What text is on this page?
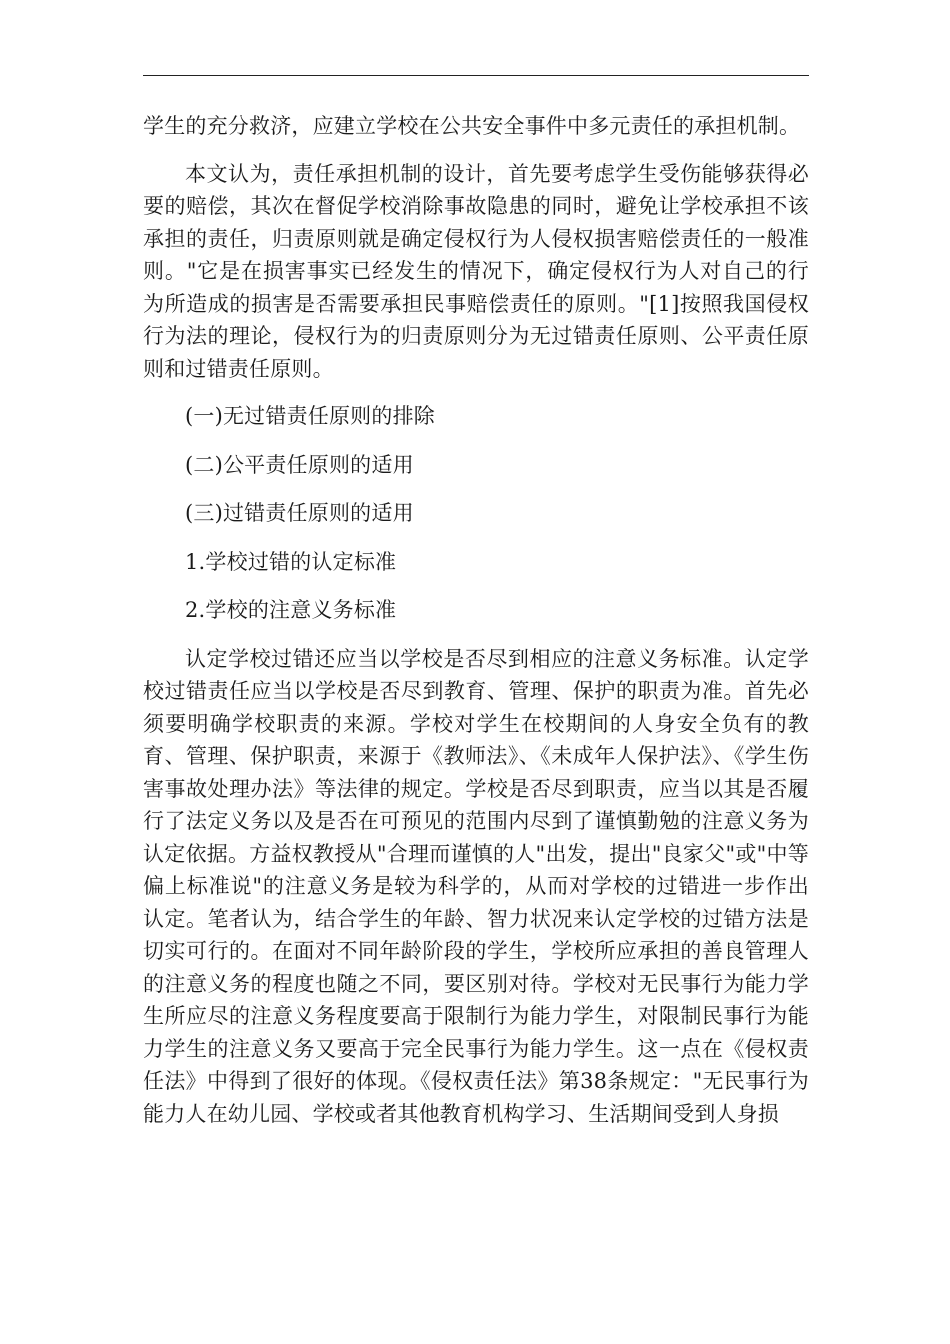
学生的充分救济，应建立学校在公共安全事件中多元责任的承担机制。

本文认为，责任承担机制的设计，首先要考虑学生受伤能够获得必要的赔偿，其次在督促学校消除事故隐患的同时，避免让学校承担不该承担的责任，归责原则就是确定侵权行为人侵权损害赔偿责任的一般准则。"它是在损害事实已经发生的情况下，确定侵权行为人对自己的行为所造成的损害是否需要承担民事赔偿责任的原则。"[1]按照我国侵权行为法的理论，侵权行为的归责原则分为无过错责任原则、公平责任原则和过错责任原则。

(一)无过错责任原则的排除

(二)公平责任原则的适用

(三)过错责任原则的适用

1.学校过错的认定标准

2.学校的注意义务标准

认定学校过错还应当以学校是否尽到相应的注意义务标准。认定学校过错责任应当以学校是否尽到教育、管理、保护的职责为准。首先必须要明确学校职责的来源。学校对学生在校期间的人身安全负有的教育、管理、保护职责，来源于《教师法》、《未成年人保护法》、《学生伤害事故处理办法》等法律的规定。学校是否尽到职责，应当以其是否履行了法定义务以及是否在可预见的范围内尽到了谨慎勤勉的注意义务为认定依据。方益权教授从"合理而谨慎的人"出发，提出"良家父"或"中等偏上标准说"的注意义务是较为科学的，从而对学校的过错进一步作出认定。笔者认为，结合学生的年龄、智力状况来认定学校的过错方法是切实可行的。在面对不同年龄阶段的学生，学校所应承担的善良管理人的注意义务的程度也随之不同，要区别对待。学校对无民事行为能力学生所应尽的注意义务程度要高于限制行为能力学生，对限制民事行为能力学生的注意义务又要高于完全民事行为能力学生。这一点在《侵权责任法》中得到了很好的体现。《侵权责任法》第38条规定："无民事行为能力人在幼儿园、学校或者其他教育机构学习、生活期间受到人身损
